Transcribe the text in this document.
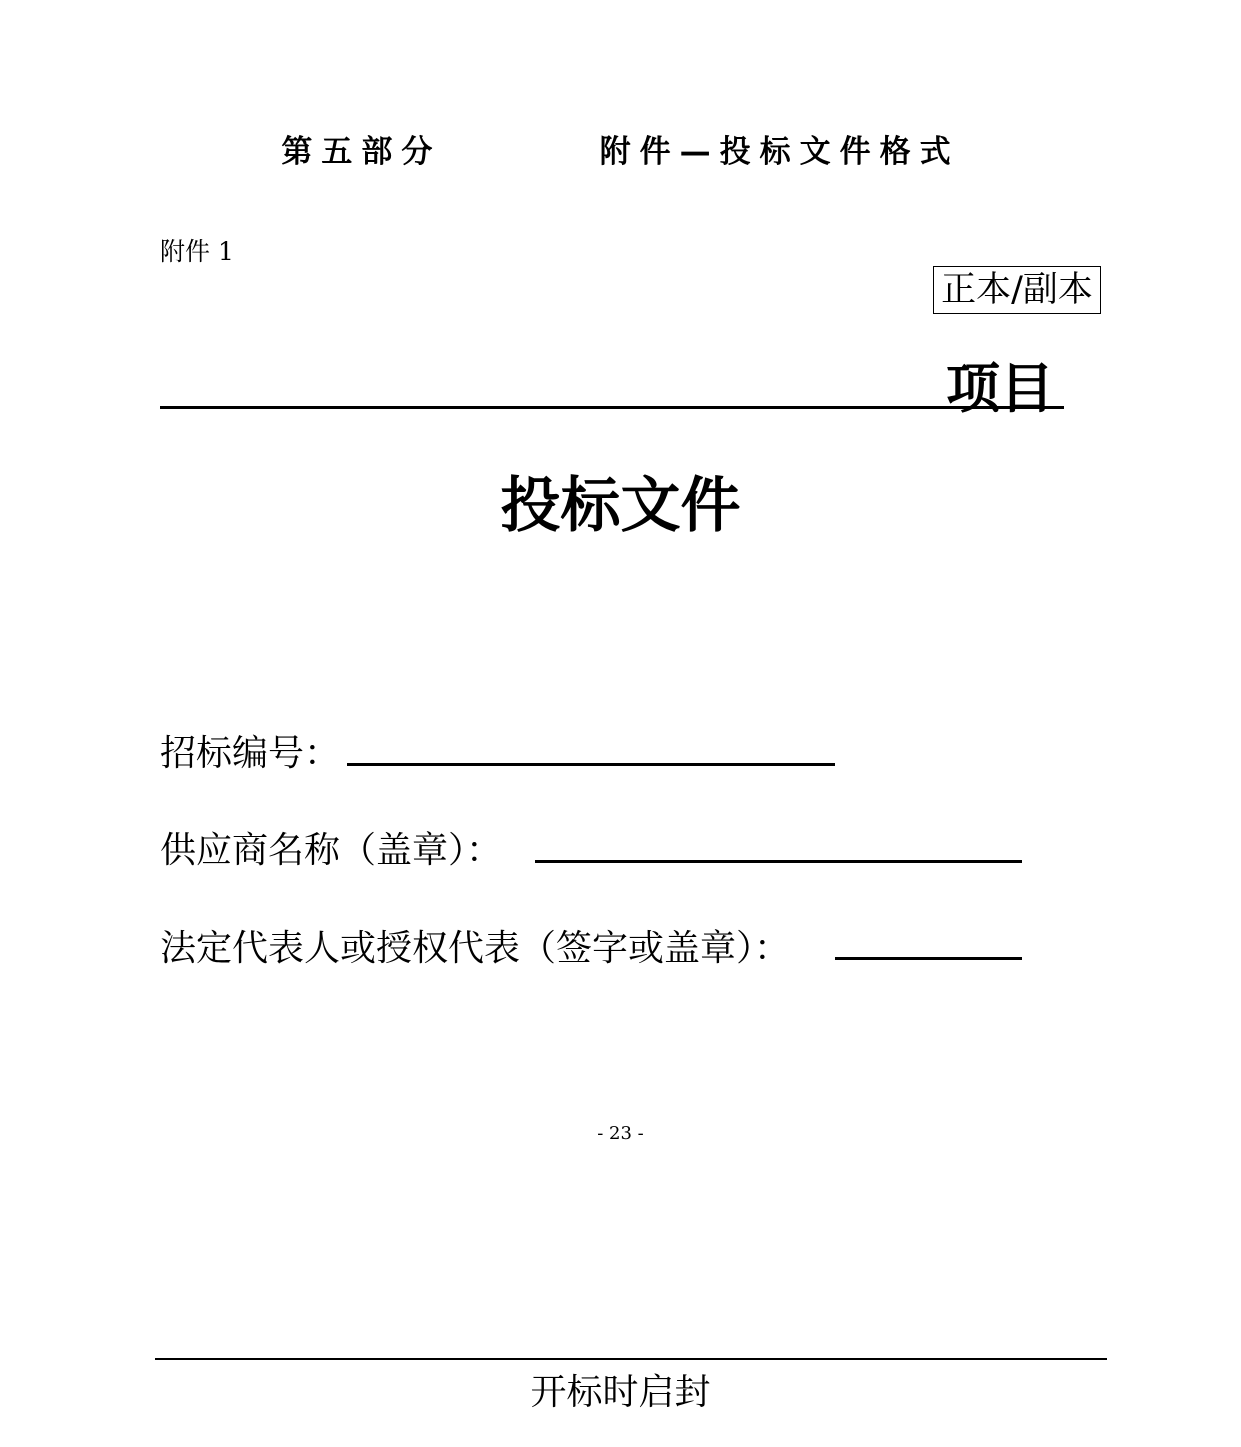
第五部分        附件—投标文件格式
附件 1
正本/副本
项目
投标文件
招标编号：
供应商名称（盖章）：
法定代表人或授权代表（签字或盖章）：
- 23 -
开标时启封
